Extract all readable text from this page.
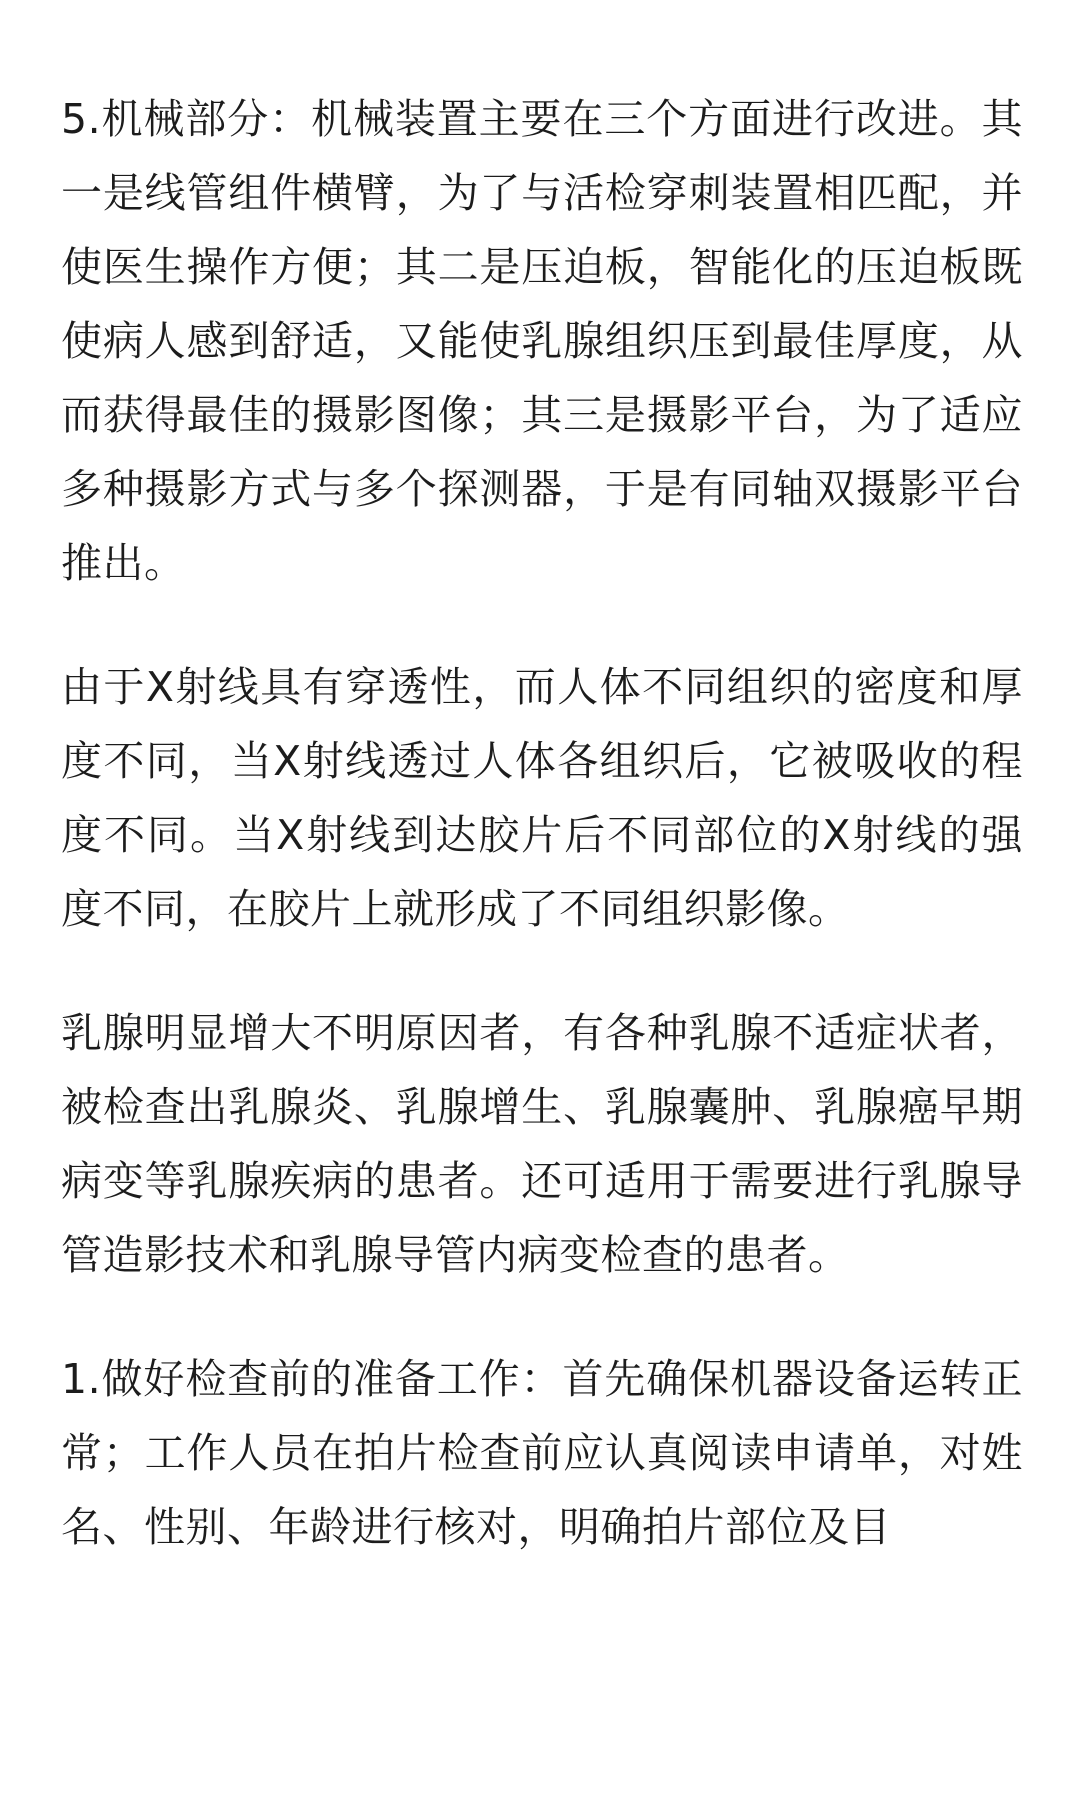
5.机械部分：机械装置主要在三个方面进行改进。其一是线管组件横臂，为了与活检穿刺装置相匹配，并使医生操作方便；其二是压迫板，智能化的压迫板既使病人感到舒适，又能使乳腺组织压到最佳厚度，从而获得最佳的摄影图像；其三是摄影平台，为了适应多种摄影方式与多个探测器，于是有同轴双摄影平台推出。

由于X射线具有穿透性，而人体不同组织的密度和厚度不同，当X射线透过人体各组织后，它被吸收的程度不同。当X射线到达胶片后不同部位的X射线的强度不同，在胶片上就形成了不同组织影像。

乳腺明显增大不明原因者，有各种乳腺不适症状者，被检查出乳腺炎、乳腺增生、乳腺囊肿、乳腺癌早期病变等乳腺疾病的患者。还可适用于需要进行乳腺导管造影技术和乳腺导管内病变检查的患者。

1.做好检查前的准备工作：首先确保机器设备运转正常；工作人员在拍片检查前应认真阅读申请单，对姓名、性别、年龄进行核对，明确拍片部位及目
